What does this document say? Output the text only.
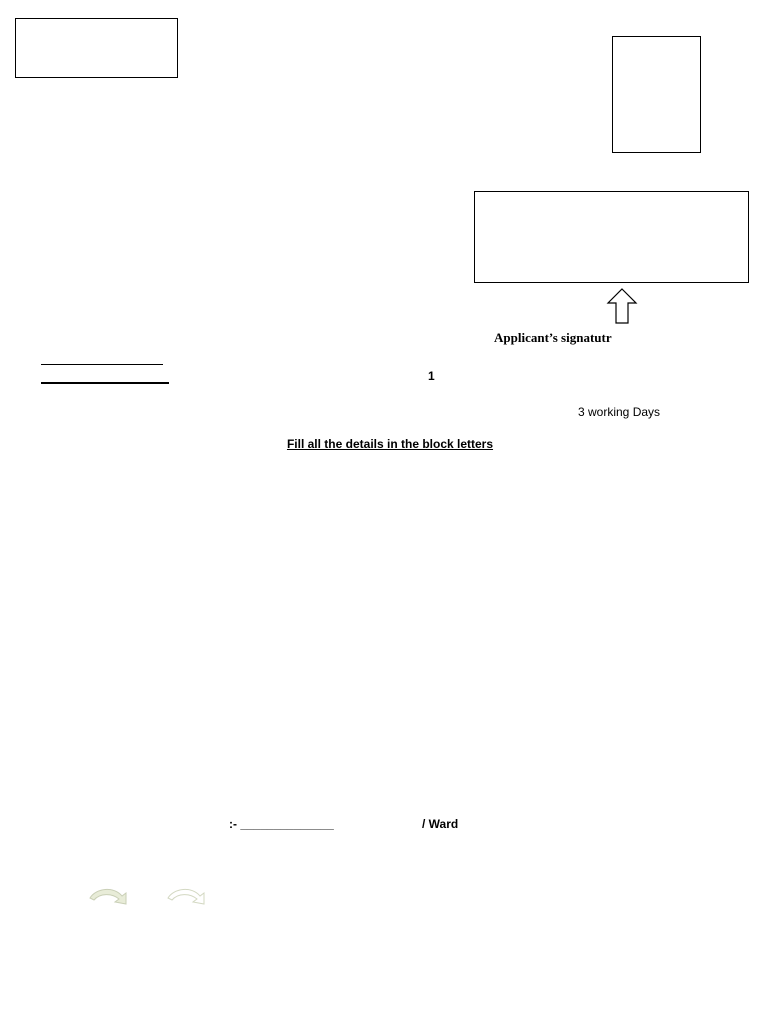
Applicant’s signatutr
1
3 working Days
Fill all the details in the block letters
:- ______________	/ Ward
